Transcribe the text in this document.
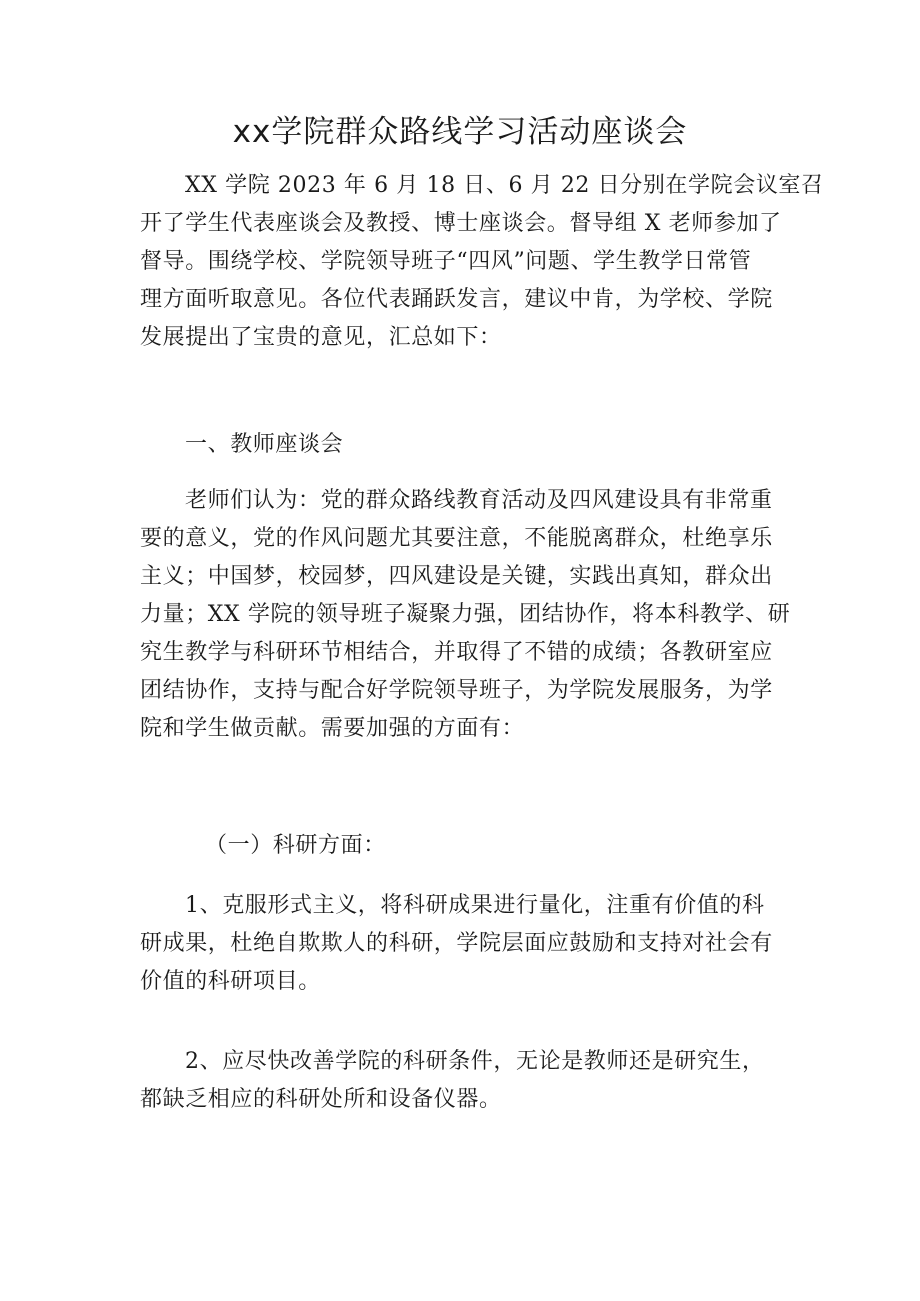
xx学院群众路线学习活动座谈会

XX 学院 2023 年 6 月 18 日、6 月 22 日分别在学院会议室召
开了学生代表座谈会及教授、博士座谈会。督导组 X 老师参加了
督导。围绕学校、学院领导班子“四风”问题、学生教学日常管
理方面听取意见。各位代表踊跃发言，建议中肯，为学校、学院
发展提出了宝贵的意见，汇总如下：

一、教师座谈会

老师们认为：党的群众路线教育活动及四风建设具有非常重
要的意义，党的作风问题尤其要注意，不能脱离群众，杜绝享乐
主义；中国梦，校园梦，四风建设是关键，实践出真知，群众出
力量；XX 学院的领导班子凝聚力强，团结协作，将本科教学、研
究生教学与科研环节相结合，并取得了不错的成绩；各教研室应
团结协作，支持与配合好学院领导班子，为学院发展服务，为学
院和学生做贡献。需要加强的方面有：

（一）科研方面：

1、克服形式主义，将科研成果进行量化，注重有价值的科
研成果，杜绝自欺欺人的科研，学院层面应鼓励和支持对社会有
价值的科研项目。

2、应尽快改善学院的科研条件，无论是教师还是研究生，
都缺乏相应的科研处所和设备仪器。
